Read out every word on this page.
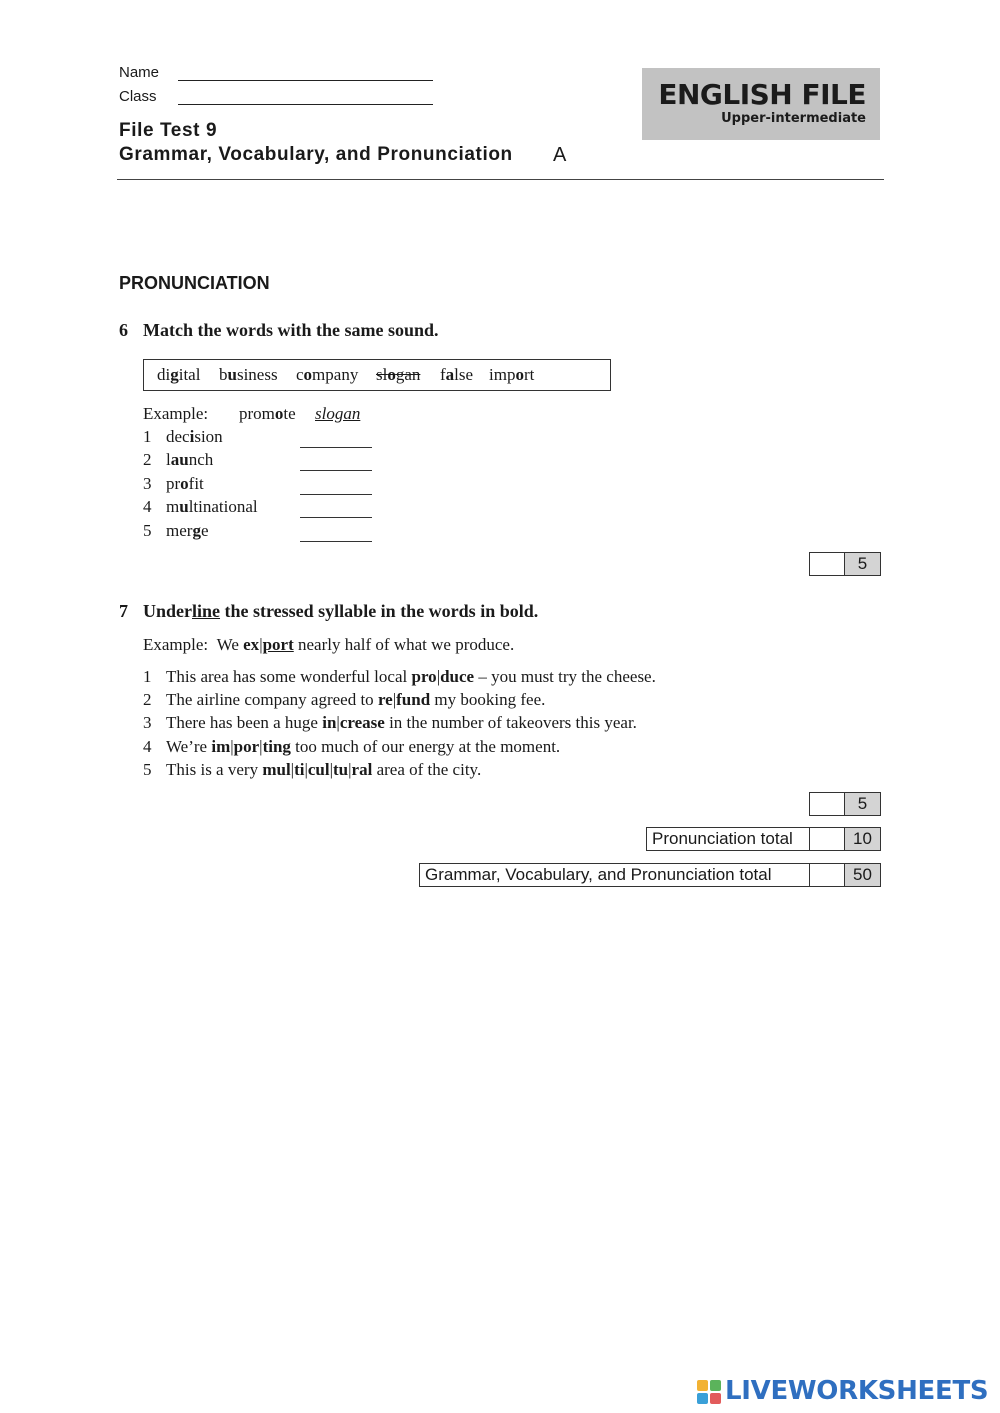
Name
Class
File Test 9
Grammar, Vocabulary, and Pronunciation A
ENGLISH FILE
Upper-intermediate
PRONUNCIATION
6 Match the words with the same sound.
digital business company slogan false import
Example: promote slogan
1 decision
2 launch
3 profit
4 multinational
5 merge
5
7 Underline the stressed syllable in the words in bold.
Example: We ex|port nearly half of what we produce.
1 This area has some wonderful local pro|duce – you must try the cheese.
2 The airline company agreed to re|fund my booking fee.
3 There has been a huge in|crease in the number of takeovers this year.
4 We’re im|por|ting too much of our energy at the moment.
5 This is a very mul|ti|cul|tu|ral area of the city.
5
Pronunciation total	10
Grammar, Vocabulary, and Pronunciation total	50
LIVEWORKSHEETS
